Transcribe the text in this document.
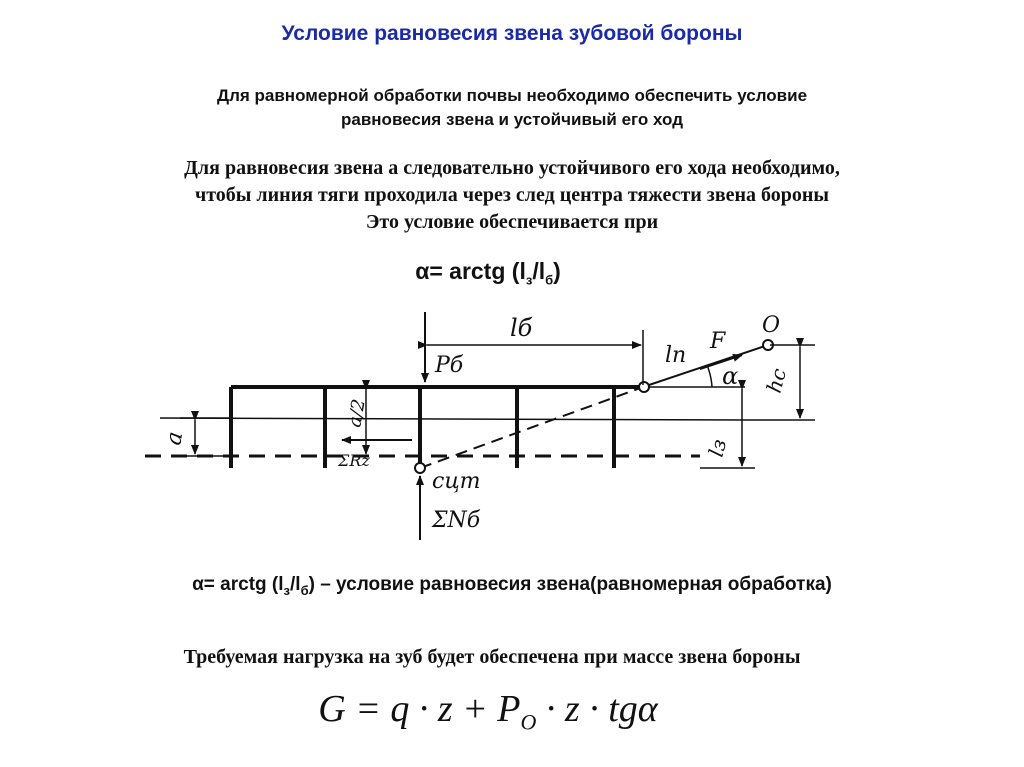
Условие равновесия звена зубовой бороны
Для равномерной обработки почвы необходимо обеспечить условие
равновесия звена и устойчивый его ход
Для равновесия звена а следовательно устойчивого его хода необходимо,
чтобы линия тяги проходила через след центра тяжести звена бороны
Это условие обеспечивается при
α= arctg $(l_з/l_б)$
lб
Pб	ln
F
O
α hc
lз
a/2
a
ΣRz
сцт
ΣNб
α= arctg $(l_з/l_б)$ – условие равновесия звена(равномерная обработка)
Требуемая нагрузка на зуб будет обеспечена при массе звена бороны
$G = q \cdot z + P_O \cdot z \cdot tg\alpha$
